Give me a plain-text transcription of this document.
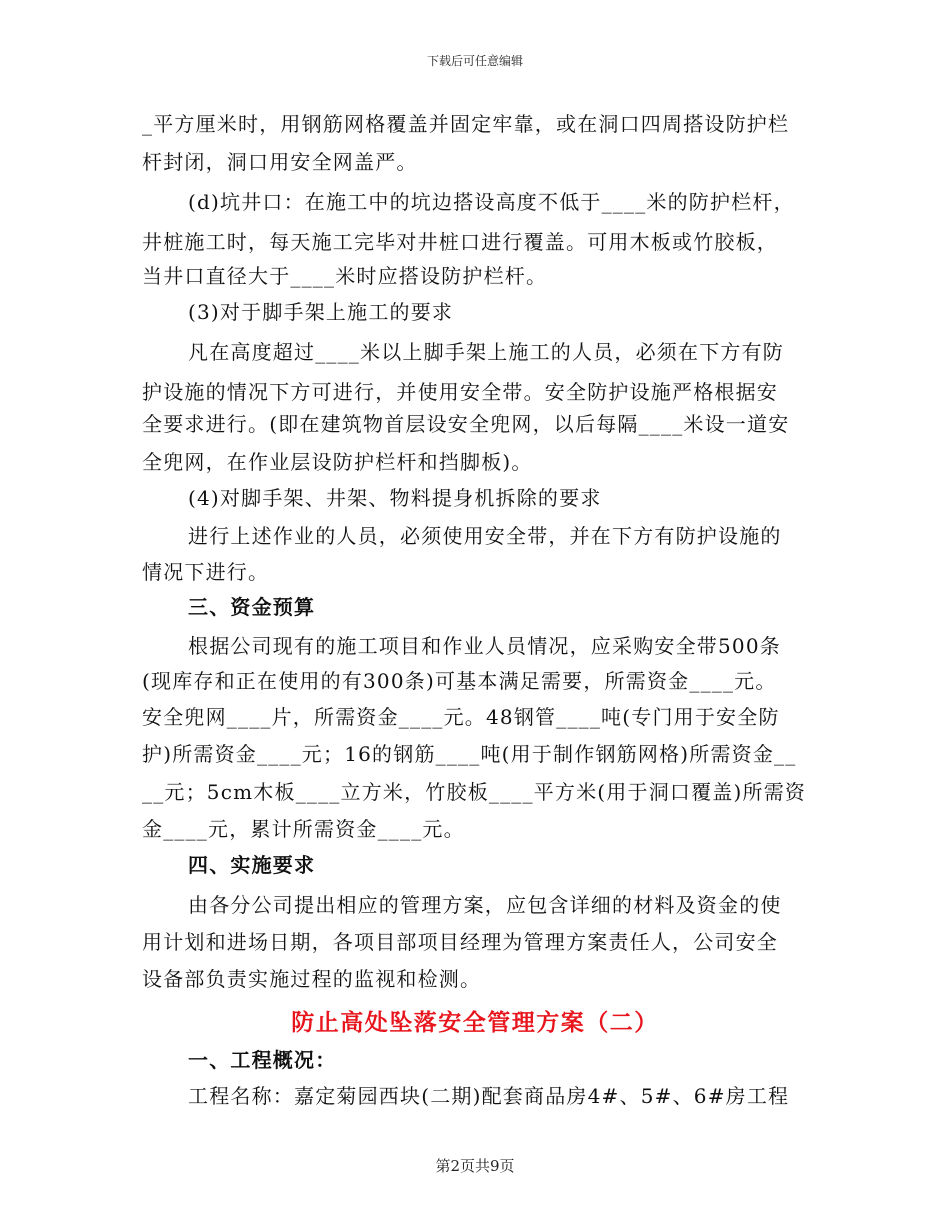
下载后可任意编辑
_平方厘米时，用钢筋网格覆盖并固定牢靠，或在洞口四周搭设防护栏
杆封闭，洞口用安全网盖严。
(d)坑井口：在施工中的坑边搭设高度不低于____米的防护栏杆，
井桩施工时，每天施工完毕对井桩口进行覆盖。可用木板或竹胶板，
当井口直径大于____米时应搭设防护栏杆。
(3)对于脚手架上施工的要求
凡在高度超过____米以上脚手架上施工的人员，必须在下方有防
护设施的情况下方可进行，并使用安全带。安全防护设施严格根据安
全要求进行。(即在建筑物首层设安全兜网，以后每隔____米设一道安
全兜网，在作业层设防护栏杆和挡脚板)。
(4)对脚手架、井架、物料提身机拆除的要求
进行上述作业的人员，必须使用安全带，并在下方有防护设施的
情况下进行。
三、资金预算
根据公司现有的施工项目和作业人员情况，应采购安全带500条
(现库存和正在使用的有300条)可基本满足需要，所需资金____元。
安全兜网____片，所需资金____元。48钢管____吨(专门用于安全防
护)所需资金____元；16的钢筋____吨(用于制作钢筋网格)所需资金__
__元；5cm木板____立方米，竹胶板____平方米(用于洞口覆盖)所需资
金____元，累计所需资金____元。
四、实施要求
由各分公司提出相应的管理方案，应包含详细的材料及资金的使
用计划和进场日期，各项目部项目经理为管理方案责任人，公司安全
设备部负责实施过程的监视和检测。
防止高处坠落安全管理方案（二）
一、工程概况：
工程名称：嘉定菊园西块(二期)配套商品房4#、5#、6#房工程
第2页共9页
